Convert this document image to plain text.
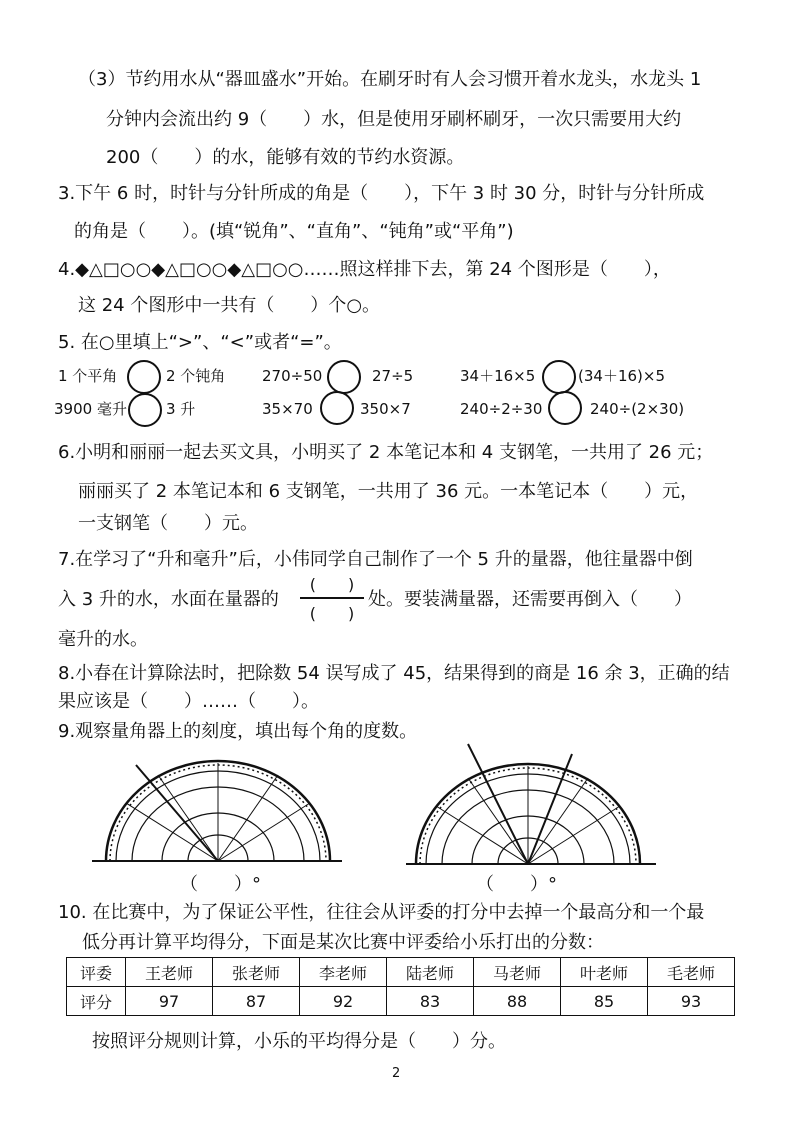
（3）节约用水从“器皿盛水”开始。在刷牙时有人会习惯开着水龙头，水龙头 1
分钟内会流出约 9（　　）水，但是使用牙刷杯刷牙，一次只需要用大约
200（　　）的水，能够有效的节约水资源。
3.下午 6 时，时针与分针所成的角是（　　），下午 3 时 30 分，时针与分针所成
的角是（　　）。(填“锐角”、“直角”、“钝角”或“平角”)
4.◆△□○○◆△□○○◆△□○○……照这样排下去，第 24 个图形是（　　），
这 24 个图形中一共有（　　）个○。
5. 在○里填上“>”、“<”或者“=”。
1 个平角	2 个钝角 270÷50	27÷5	34＋16×5	(34＋16)×5
3900 毫升	3 升	35×70	350×7	240÷2÷30	240÷(2×30)
6.小明和丽丽一起去买文具，小明买了 2 本笔记本和 4 支钢笔，一共用了 26 元；
丽丽买了 2 本笔记本和 6 支钢笔，一共用了 36 元。一本笔记本（　　）元，
一支钢笔（　　）元。
7.在学习了“升和毫升”后，小伟同学自己制作了一个 5 升的量器，他往量器中倒
入 3 升的水，水面在量器的
(　　)
(　　)
处。要装满量器，还需要再倒入（　　）
毫升的水。
8.小春在计算除法时，把除数 54 误写成了 45，结果得到的商是 16 余 3，正确的结
果应该是（　　）……（　　）。
9.观察量角器上的刻度，填出每个角的度数。
（　　）°	（　　）°
10. 在比赛中，为了保证公平性，往往会从评委的打分中去掉一个最高分和一个最
低分再计算平均得分，下面是某次比赛中评委给小乐打出的分数：
评委	王老师	张老师	李老师	陆老师	马老师	叶老师	毛老师
评分	97	87	92	83	88	85	93
按照评分规则计算，小乐的平均得分是（　　）分。
2
